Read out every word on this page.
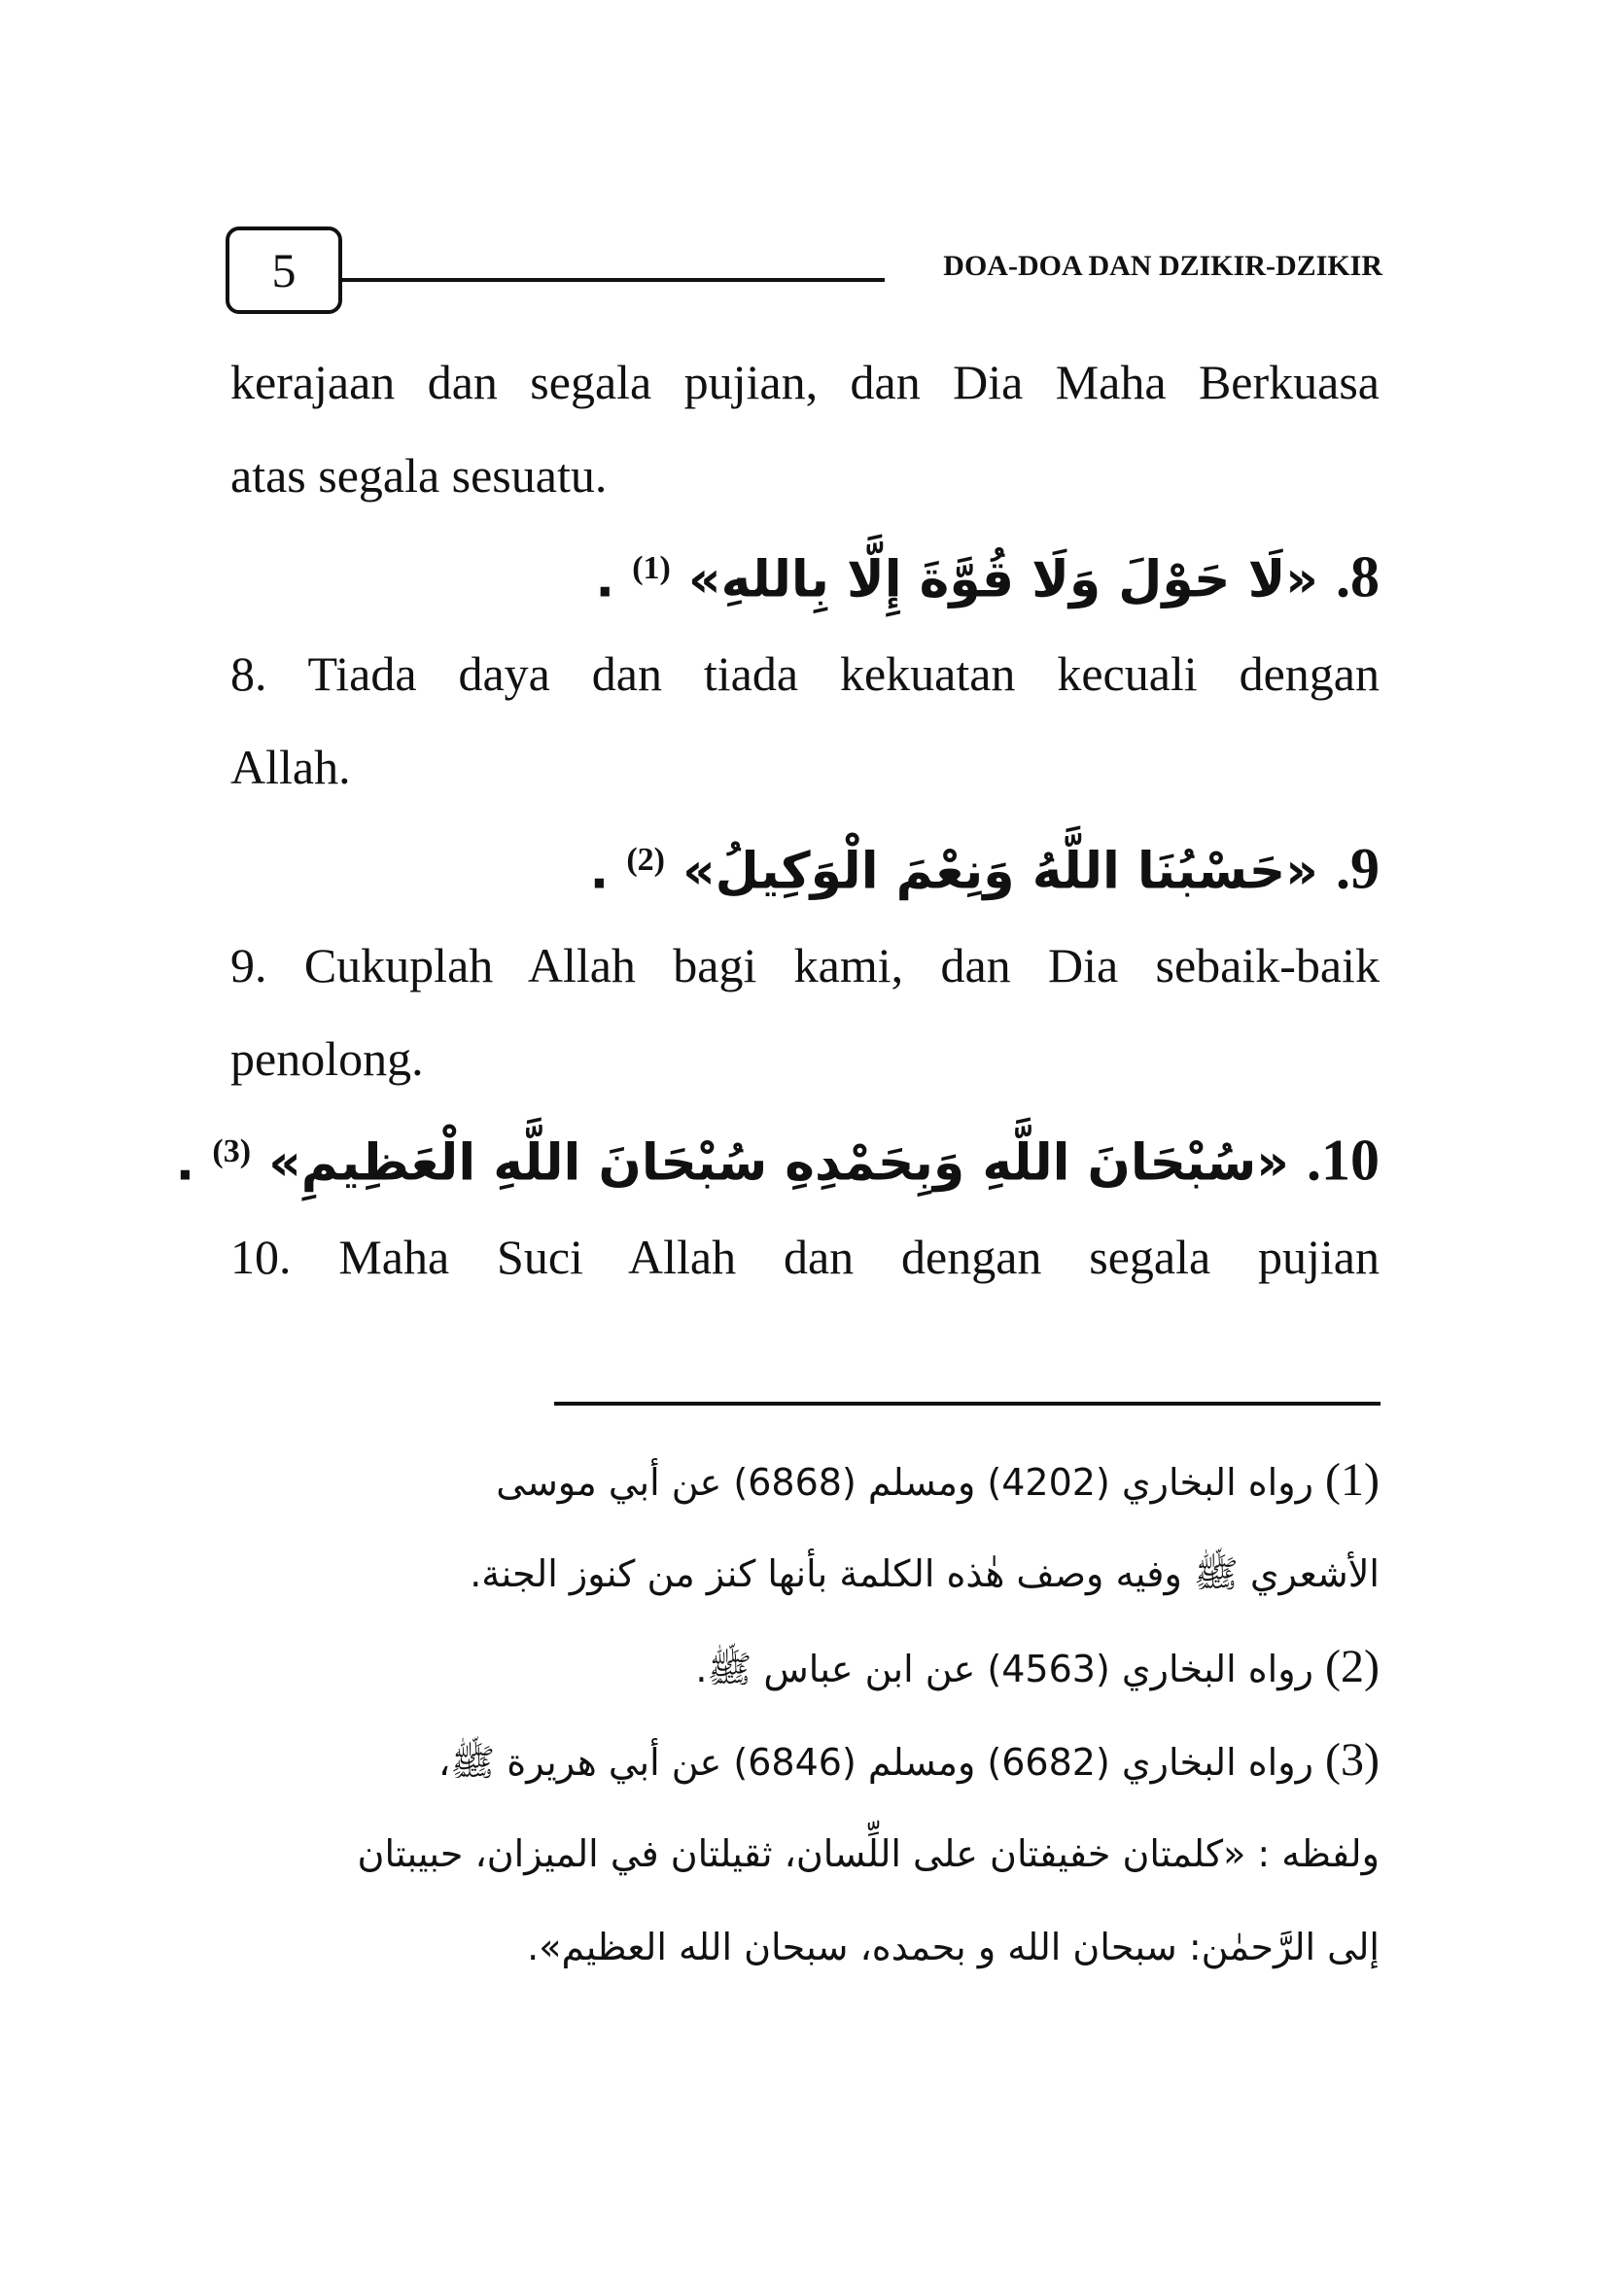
5	DOA-DOA DAN DZIKIR-DZIKIR
kerajaan dan segala pujian, dan Dia Maha Berkuasa
atas segala sesuatu.
8. «لَا حَوْلَ وَلَا قُوَّةَ إِلَّا بِاللهِ» $^{(1)}$ .
8. Tiada daya dan tiada kekuatan kecuali dengan
Allah.
9. «حَسْبُنَا اللَّهُ وَنِعْمَ الْوَكِيلُ» $^{(2)}$ .
9. Cukuplah Allah bagi kami, dan Dia sebaik-baik
penolong.
10. «سُبْحَانَ اللَّهِ وَبِحَمْدِهِ سُبْحَانَ اللَّهِ الْعَظِيمِ» $^{(3)}$ .
10. Maha Suci Allah dan dengan segala pujian
(1) رواه البخاري (4202) ومسلم (6868) عن أبي موسى
الأشعري ﷺ وفيه وصف هٰذه الكلمة بأنها كنز من كنوز الجنة.
(2) رواه البخاري (4563) عن ابن عباس ﷺ.
(3) رواه البخاري (6682) ومسلم (6846) عن أبي هريرة ﷺ،
ولفظه : «كلمتان خفيفتان على اللِّسان، ثقيلتان في الميزان، حبيبتان
إلى الرَّحمٰن: سبحان الله و بحمده، سبحان الله العظيم».
